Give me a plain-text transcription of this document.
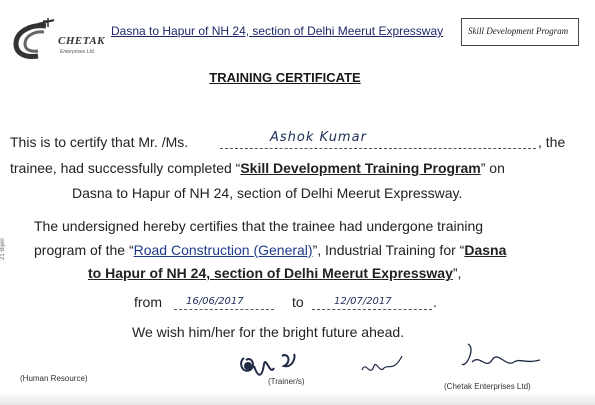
CHETAK
Enterprises Ltd.
Dasna to Hapur of NH 24, section of Delhi Meerut Expressway	Skill Development Program
TRAINING CERTIFICATE
This is to certify that Mr. /Ms.	Ashok Kumar	, the
trainee, had successfully completed “Skill Development Training Program” on
Dasna to Hapur of NH 24, section of Delhi Meerut Expressway.
The undersigned hereby certifies that the trainee had undergone training
program of the “Road Construction (General)”, Industrial Training for “Dasna
to Hapur of NH 24, section of Delhi Meerut Expressway”,
from 16/06/2017	to	12/07/2017	.
We wish him/her for the bright future ahead.
(Trainer/s)
(Human Resource)
(Chetak Enterprises Ltd)
21 Bijen
